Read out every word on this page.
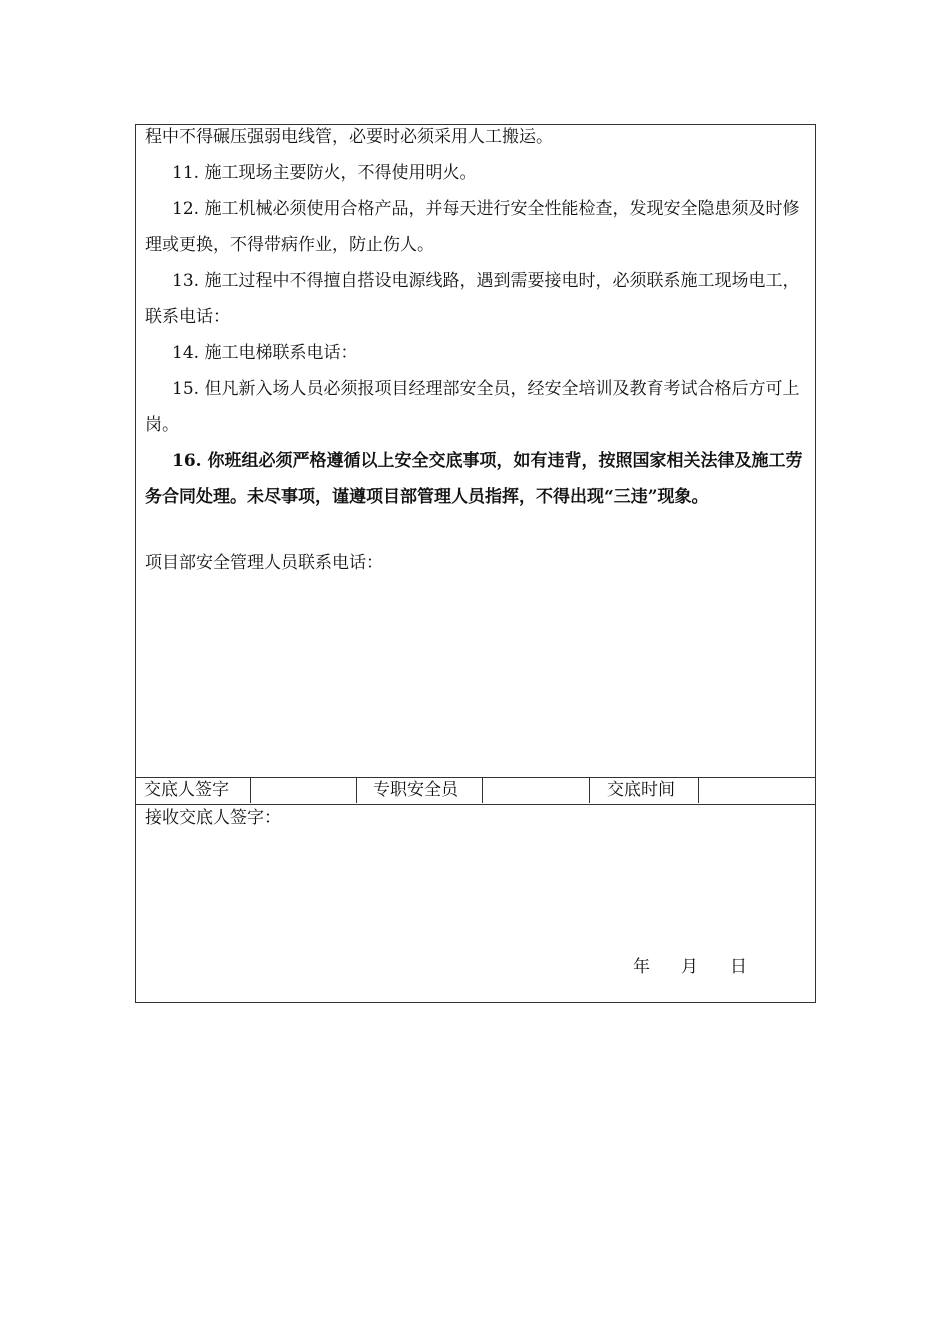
程中不得碾压强弱电线管，必要时必须采用人工搬运。

11. 施工现场主要防火，不得使用明火。

12. 施工机械必须使用合格产品，并每天进行安全性能检查，发现安全隐患须及时修理或更换，不得带病作业，防止伤人。

13. 施工过程中不得擅自搭设电源线路，遇到需要接电时，必须联系施工现场电工，联系电话：

14. 施工电梯联系电话：

15. 但凡新入场人员必须报项目经理部安全员，经安全培训及教育考试合格后方可上岗。

16. 你班组必须严格遵循以上安全交底事项，如有违背，按照国家相关法律及施工劳务合同处理。未尽事项，谨遵项目部管理人员指挥，不得出现“三违”现象。

项目部安全管理人员联系电话：

交底人签字	专职安全员	交底时间
接收交底人签字：
年	月	日
